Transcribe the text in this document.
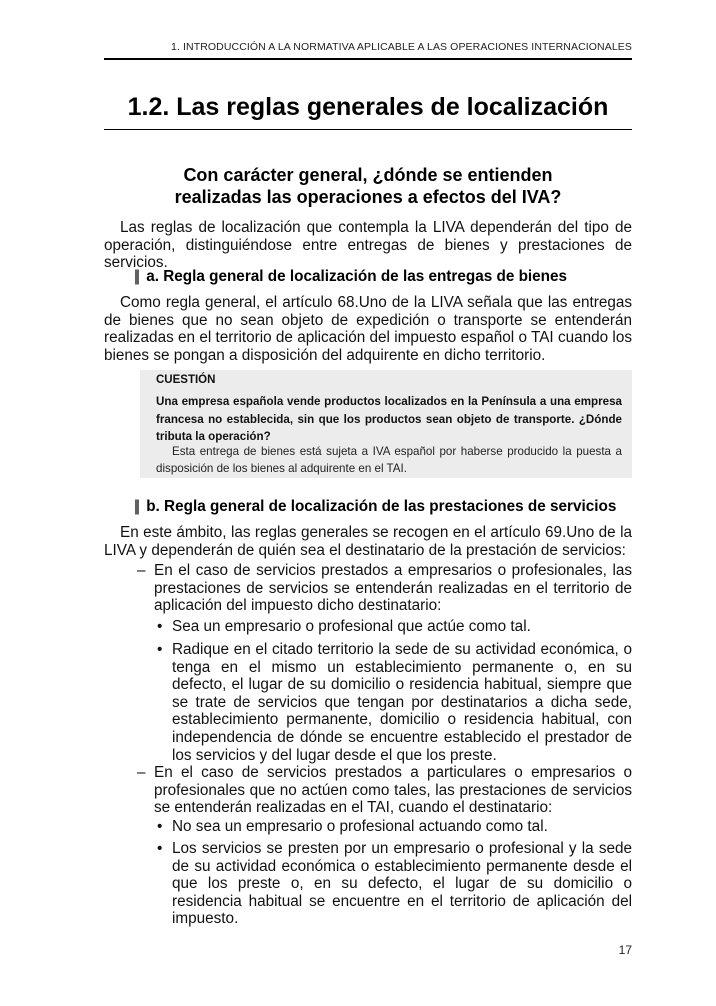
1. INTRODUCCIÓN A LA NORMATIVA APLICABLE A LAS OPERACIONES INTERNACIONALES
1.2. Las reglas generales de localización
Con carácter general, ¿dónde se entienden
realizadas las operaciones a efectos del IVA?

Las reglas de localización que contempla la LIVA dependerán del tipo de operación, distinguiéndose entre entregas de bienes y prestaciones de servicios.

|| a. Regla general de localización de las entregas de bienes

Como regla general, el artículo 68.Uno de la LIVA señala que las entregas de bienes que no sean objeto de expedición o transporte se entenderán realizadas en el territorio de aplicación del impuesto español o TAI cuando los bienes se pongan a disposición del adquirente en dicho territorio.

CUESTIÓN
Una empresa española vende productos localizados en la Península a una empresa francesa no establecida, sin que los productos sean objeto de transporte. ¿Dónde tributa la operación?
Esta entrega de bienes está sujeta a IVA español por haberse producido la puesta a disposición de los bienes al adquirente en el TAI.
|| b. Regla general de localización de las prestaciones de servicios

En este ámbito, las reglas generales se recogen en el artículo 69.Uno de la LIVA y dependerán de quién sea el destinatario de la prestación de servicios:

– En el caso de servicios prestados a empresarios o profesionales, las prestaciones de servicios se entenderán realizadas en el territorio de aplicación del impuesto dicho destinatario:
• Sea un empresario o profesional que actúe como tal.
• Radique en el citado territorio la sede de su actividad económica, o tenga en el mismo un establecimiento permanente o, en su defecto, el lugar de su domicilio o residencia habitual, siempre que se trate de servicios que tengan por destinatarios a dicha sede, establecimiento permanente, domicilio o residencia habitual, con independencia de dónde se encuentre establecido el prestador de los servicios y del lugar desde el que los preste.
– En el caso de servicios prestados a particulares o empresarios o profesionales que no actúen como tales, las prestaciones de servicios se entenderán realizadas en el TAI, cuando el destinatario:
• No sea un empresario o profesional actuando como tal.
• Los servicios se presten por un empresario o profesional y la sede de su actividad económica o establecimiento permanente desde el que los preste o, en su defecto, el lugar de su domicilio o residencia habitual se encuentre en el territorio de aplicación del impuesto.
17
